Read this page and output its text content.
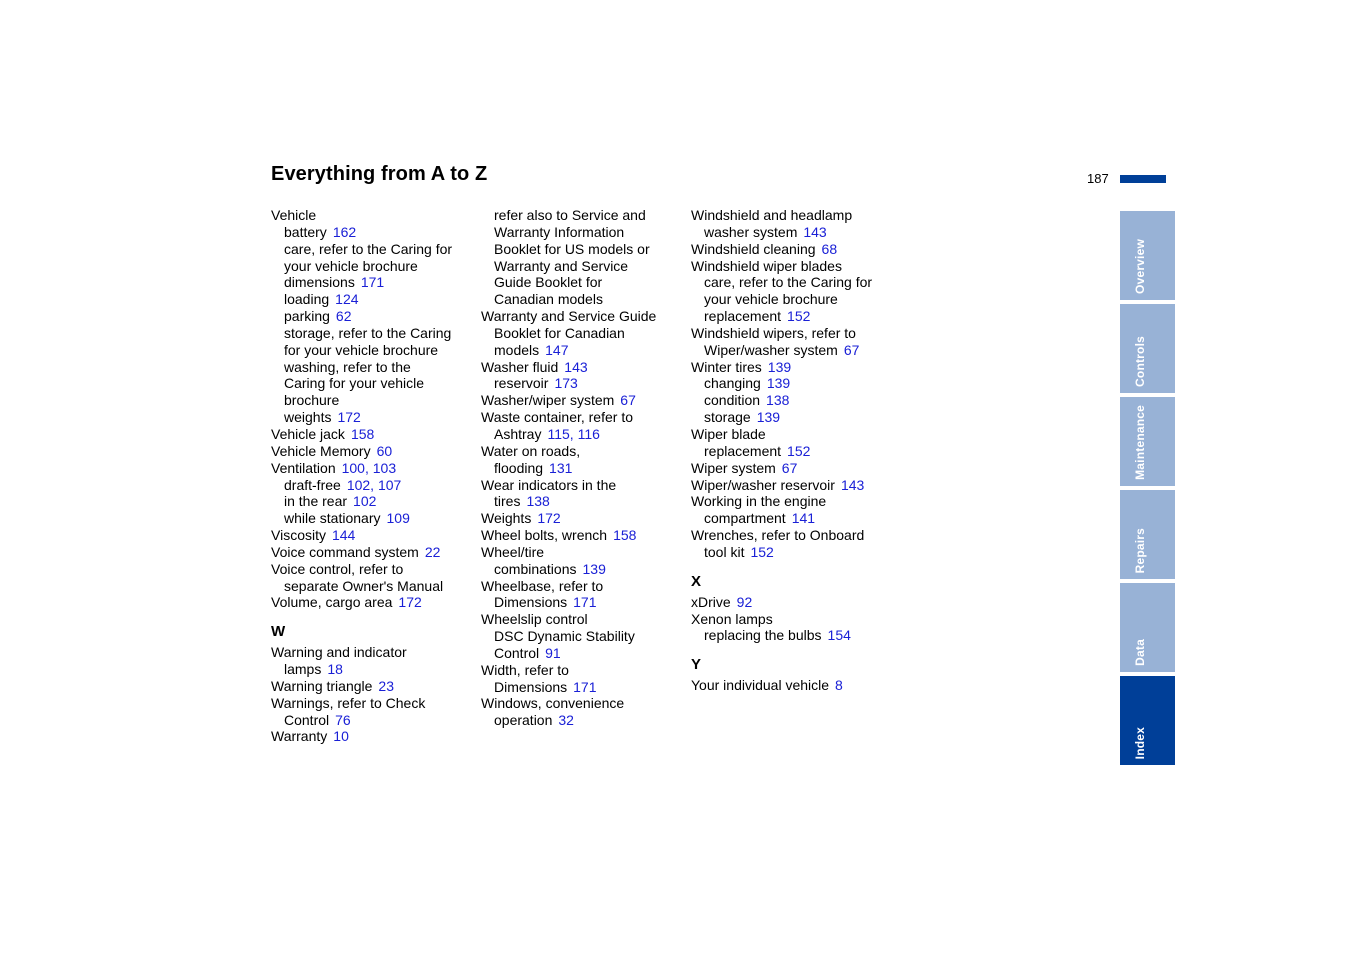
Everything from A to Z	187
Vehicle
battery 162
care, refer to the Caring for
your vehicle brochure
dimensions 171
loading 124
parking 62
storage, refer to the Caring
for your vehicle brochure
washing, refer to the
Caring for your vehicle
brochure
weights 172
Vehicle jack 158
Vehicle Memory 60
Ventilation 100, 103
draft-free 102, 107
in the rear 102
while stationary 109
Viscosity 144
Voice command system 22
Voice control, refer to
separate Owner's Manual
Volume, cargo area 172
W
Warning and indicator
lamps 18
Warning triangle 23
Warnings, refer to Check
Control 76
Warranty 10
refer also to Service and
Warranty Information
Booklet for US models or
Warranty and Service
Guide Booklet for
Canadian models
Warranty and Service Guide
Booklet for Canadian
models 147
Washer fluid 143
reservoir 173
Washer/wiper system 67
Waste container, refer to
Ashtray 115, 116
Water on roads,
flooding 131
Wear indicators in the
tires 138
Weights 172
Wheel bolts, wrench 158
Wheel/tire
combinations 139
Wheelbase, refer to
Dimensions 171
Wheelslip control
DSC Dynamic Stability
Control 91
Width, refer to
Dimensions 171
Windows, convenience
operation 32
Windshield and headlamp
washer system 143
Windshield cleaning 68
Windshield wiper blades
care, refer to the Caring for
your vehicle brochure
replacement 152
Windshield wipers, refer to
Wiper/washer system 67
Winter tires 139
changing 139
condition 138
storage 139
Wiper blade
replacement 152
Wiper system 67
Wiper/washer reservoir 143
Working in the engine
compartment 141
Wrenches, refer to Onboard
tool kit 152
X
xDrive 92
Xenon lamps
replacing the bulbs 154
Y
Your individual vehicle 8
Overview
Controls
Maintenance
Repairs
Data
Index
